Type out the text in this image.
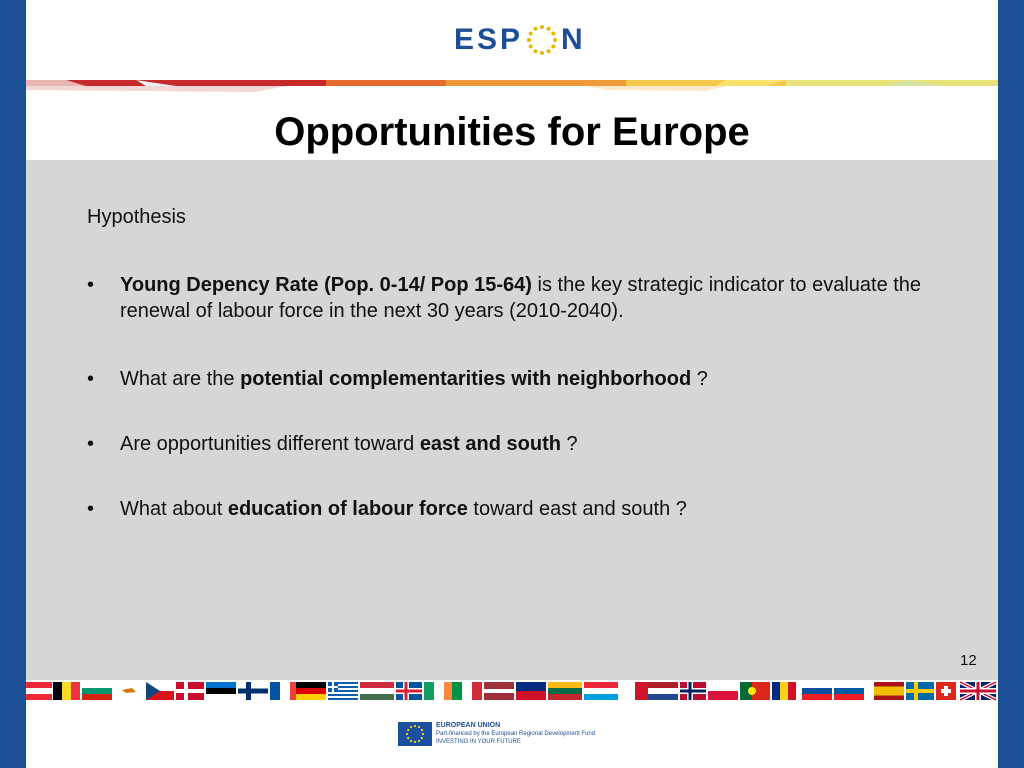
ESP N
Opportunities for Europe
Hypothesis
• Young Depency Rate (Pop. 0-14/ Pop 15-64) is the key strategic indicator to evaluate the renewal of labour force in the next 30 years (2010-2040).
• What are the potential complementarities with neighborhood ?
• Are opportunities different toward east and south ?
• What about education of labour force toward east and south ?
12
EUROPEAN UNION
Part-financed by the European Regional Development Fund
INVESTING IN YOUR FUTURE
